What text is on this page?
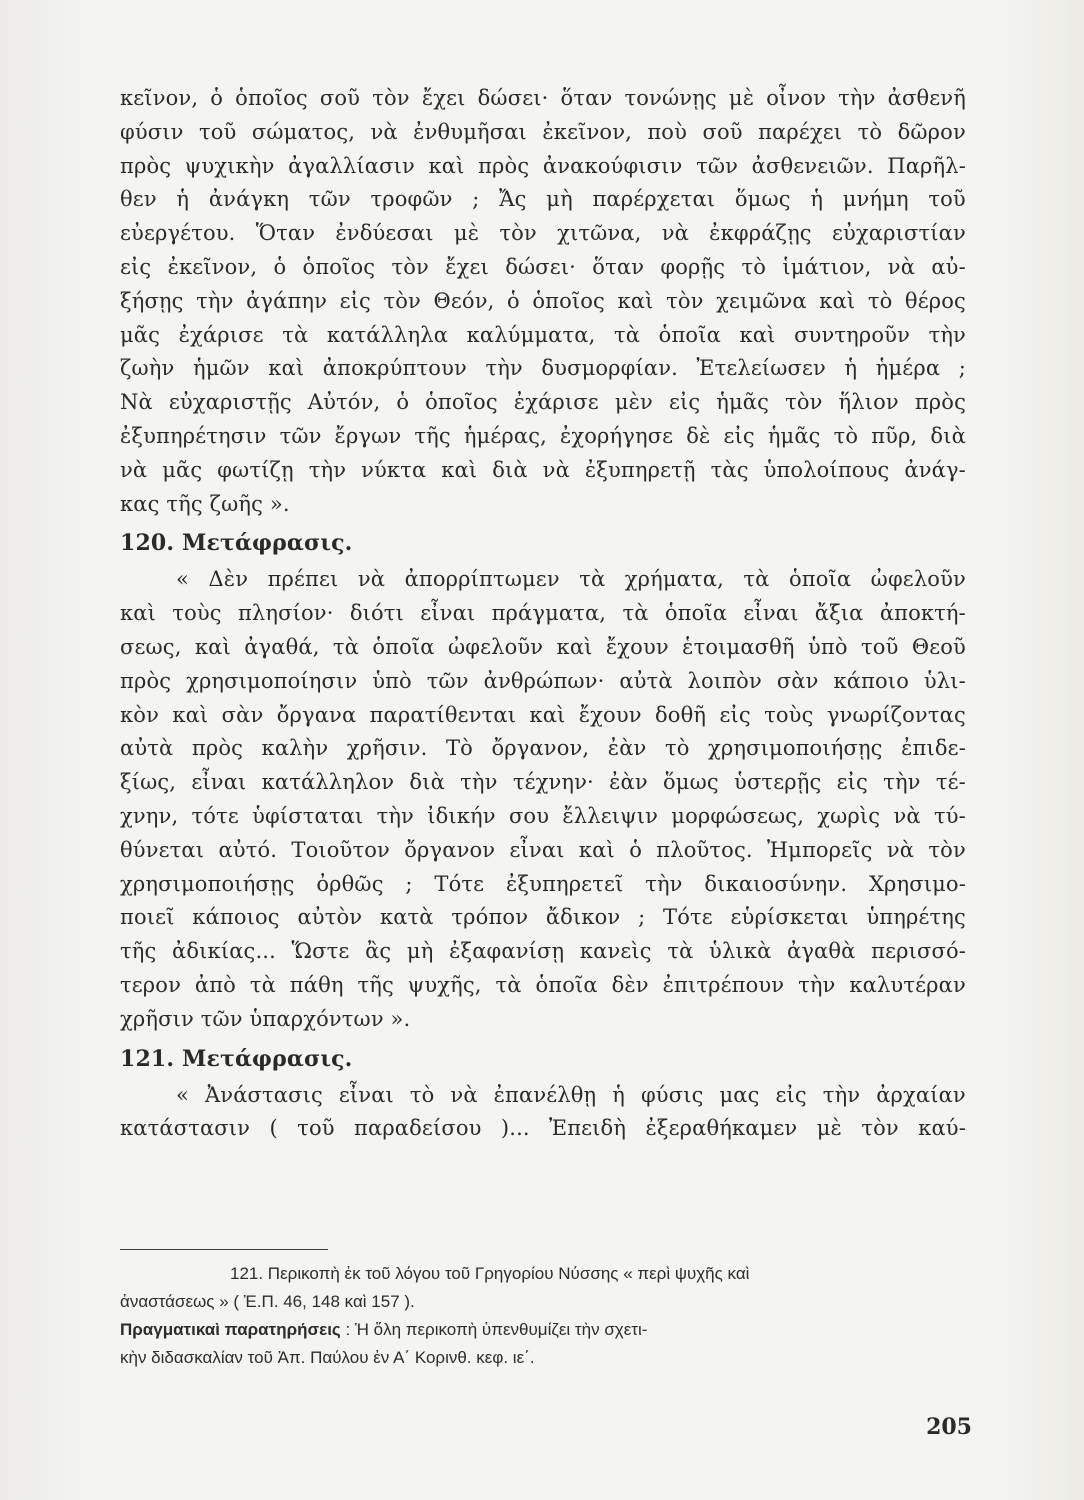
κεῖνον, ὁ ὁποῖος σοῦ τὸν ἔχει δώσει· ὅταν τονώνῃς μὲ οἶνον τὴν ἀσθενῆ
φύσιν τοῦ σώματος, νὰ ἐνθυμῆσαι ἐκεῖνον, ποὺ σοῦ παρέχει τὸ δῶρον
πρὸς ψυχικὴν ἀγαλλίασιν καὶ πρὸς ἀνακούφισιν τῶν ἀσθενειῶν. Παρῆλ-
θεν ἡ ἀνάγκη τῶν τροφῶν ; Ἄς μὴ παρέρχεται ὅμως ἡ μνήμη τοῦ
εὐεργέτου. Ὅταν ἐνδύεσαι μὲ τὸν χιτῶνα, νὰ ἐκφράζῃς εὐχαριστίαν
εἰς ἐκεῖνον, ὁ ὁποῖος τὸν ἔχει δώσει· ὅταν φορῇς τὸ ἱμάτιον, νὰ αὐ-
ξήσῃς τὴν ἀγάπην εἰς τὸν Θεόν, ὁ ὁποῖος καὶ τὸν χειμῶνα καὶ τὸ θέρος
μᾶς ἐχάρισε τὰ κατάλληλα καλύμματα, τὰ ὁποῖα καὶ συντηροῦν τὴν
ζωὴν ἡμῶν καὶ ἀποκρύπτουν τὴν δυσμορφίαν. Ἐτελείωσεν ἡ ἡμέρα ;
Νὰ εὐχαριστῇς Αὐτόν, ὁ ὁποῖος ἐχάρισε μὲν εἰς ἡμᾶς τὸν ἥλιον πρὸς
ἐξυπηρέτησιν τῶν ἔργων τῆς ἡμέρας, ἐχορήγησε δὲ εἰς ἡμᾶς τὸ πῦρ, διὰ
νὰ μᾶς φωτίζῃ τὴν νύκτα καὶ διὰ νὰ ἐξυπηρετῇ τὰς ὑπολοίπους ἀνάγ-
κας τῆς ζωῆς ».
120. Μετάφρασις.
« Δὲν πρέπει νὰ ἀπορρίπτωμεν τὰ χρήματα, τὰ ὁποῖα ὠφελοῦν
καὶ τοὺς πλησίον· διότι εἶναι πράγματα, τὰ ὁποῖα εἶναι ἄξια ἀποκτή-
σεως, καὶ ἀγαθά, τὰ ὁποῖα ὠφελοῦν καὶ ἔχουν ἑτοιμασθῆ ὑπὸ τοῦ Θεοῦ
πρὸς χρησιμοποίησιν ὑπὸ τῶν ἀνθρώπων· αὐτὰ λοιπὸν σὰν κάποιο ὑλι-
κὸν καὶ σὰν ὄργανα παρατίθενται καὶ ἔχουν δοθῆ εἰς τοὺς γνωρίζοντας
αὐτὰ πρὸς καλὴν χρῆσιν. Τὸ ὄργανον, ἐὰν τὸ χρησιμοποιήσῃς ἐπιδε-
ξίως, εἶναι κατάλληλον διὰ τὴν τέχνην· ἐὰν ὅμως ὑστερῇς εἰς τὴν τέ-
χνην, τότε ὑφίσταται τὴν ἰδικήν σου ἔλλειψιν μορφώσεως, χωρὶς νὰ τύ-
θύνεται αὐτό. Τοιοῦτον ὄργανον εἶναι καὶ ὁ πλοῦτος. Ἠμπορεῖς νὰ τὸν
χρησιμοποιήσῃς ὀρθῶς ; Τότε ἐξυπηρετεῖ τὴν δικαιοσύνην. Χρησιμο-
ποιεῖ κάποιος αὐτὸν κατὰ τρόπον ἄδικον ; Τότε εὑρίσκεται ὑπηρέτης
τῆς ἀδικίας... Ὥστε ἂς μὴ ἐξαφανίσῃ κανεὶς τὰ ὑλικὰ ἀγαθὰ περισσό-
τερον ἀπὸ τὰ πάθη τῆς ψυχῆς, τὰ ὁποῖα δὲν ἐπιτρέπουν τὴν καλυτέραν
χρῆσιν τῶν ὑπαρχόντων ».
121. Μετάφρασις.
« Ἀνάστασις εἶναι τὸ νὰ ἐπανέλθῃ ἡ φύσις μας εἰς τὴν ἀρχαίαν
κατάστασιν ( τοῦ παραδείσου )... Ἐπειδὴ ἐξεραθήκαμεν μὲ τὸν καύ-
121. Περικοπὴ ἐκ τοῦ λόγου τοῦ Γρηγορίου Νύσσης « περὶ ψυχῆς καὶ
ἀναστάσεως » ( Ἐ.Π. 46, 148 καὶ 157 ).
Πραγματικαὶ παρατηρήσεις : Ἡ ὅλη περικοπὴ ὑπενθυμίζει τὴν σχετι-
κὴν διδασκαλίαν τοῦ Ἀπ. Παύλου ἐν Α΄ Κορινθ. κεφ. ιε΄.
205
